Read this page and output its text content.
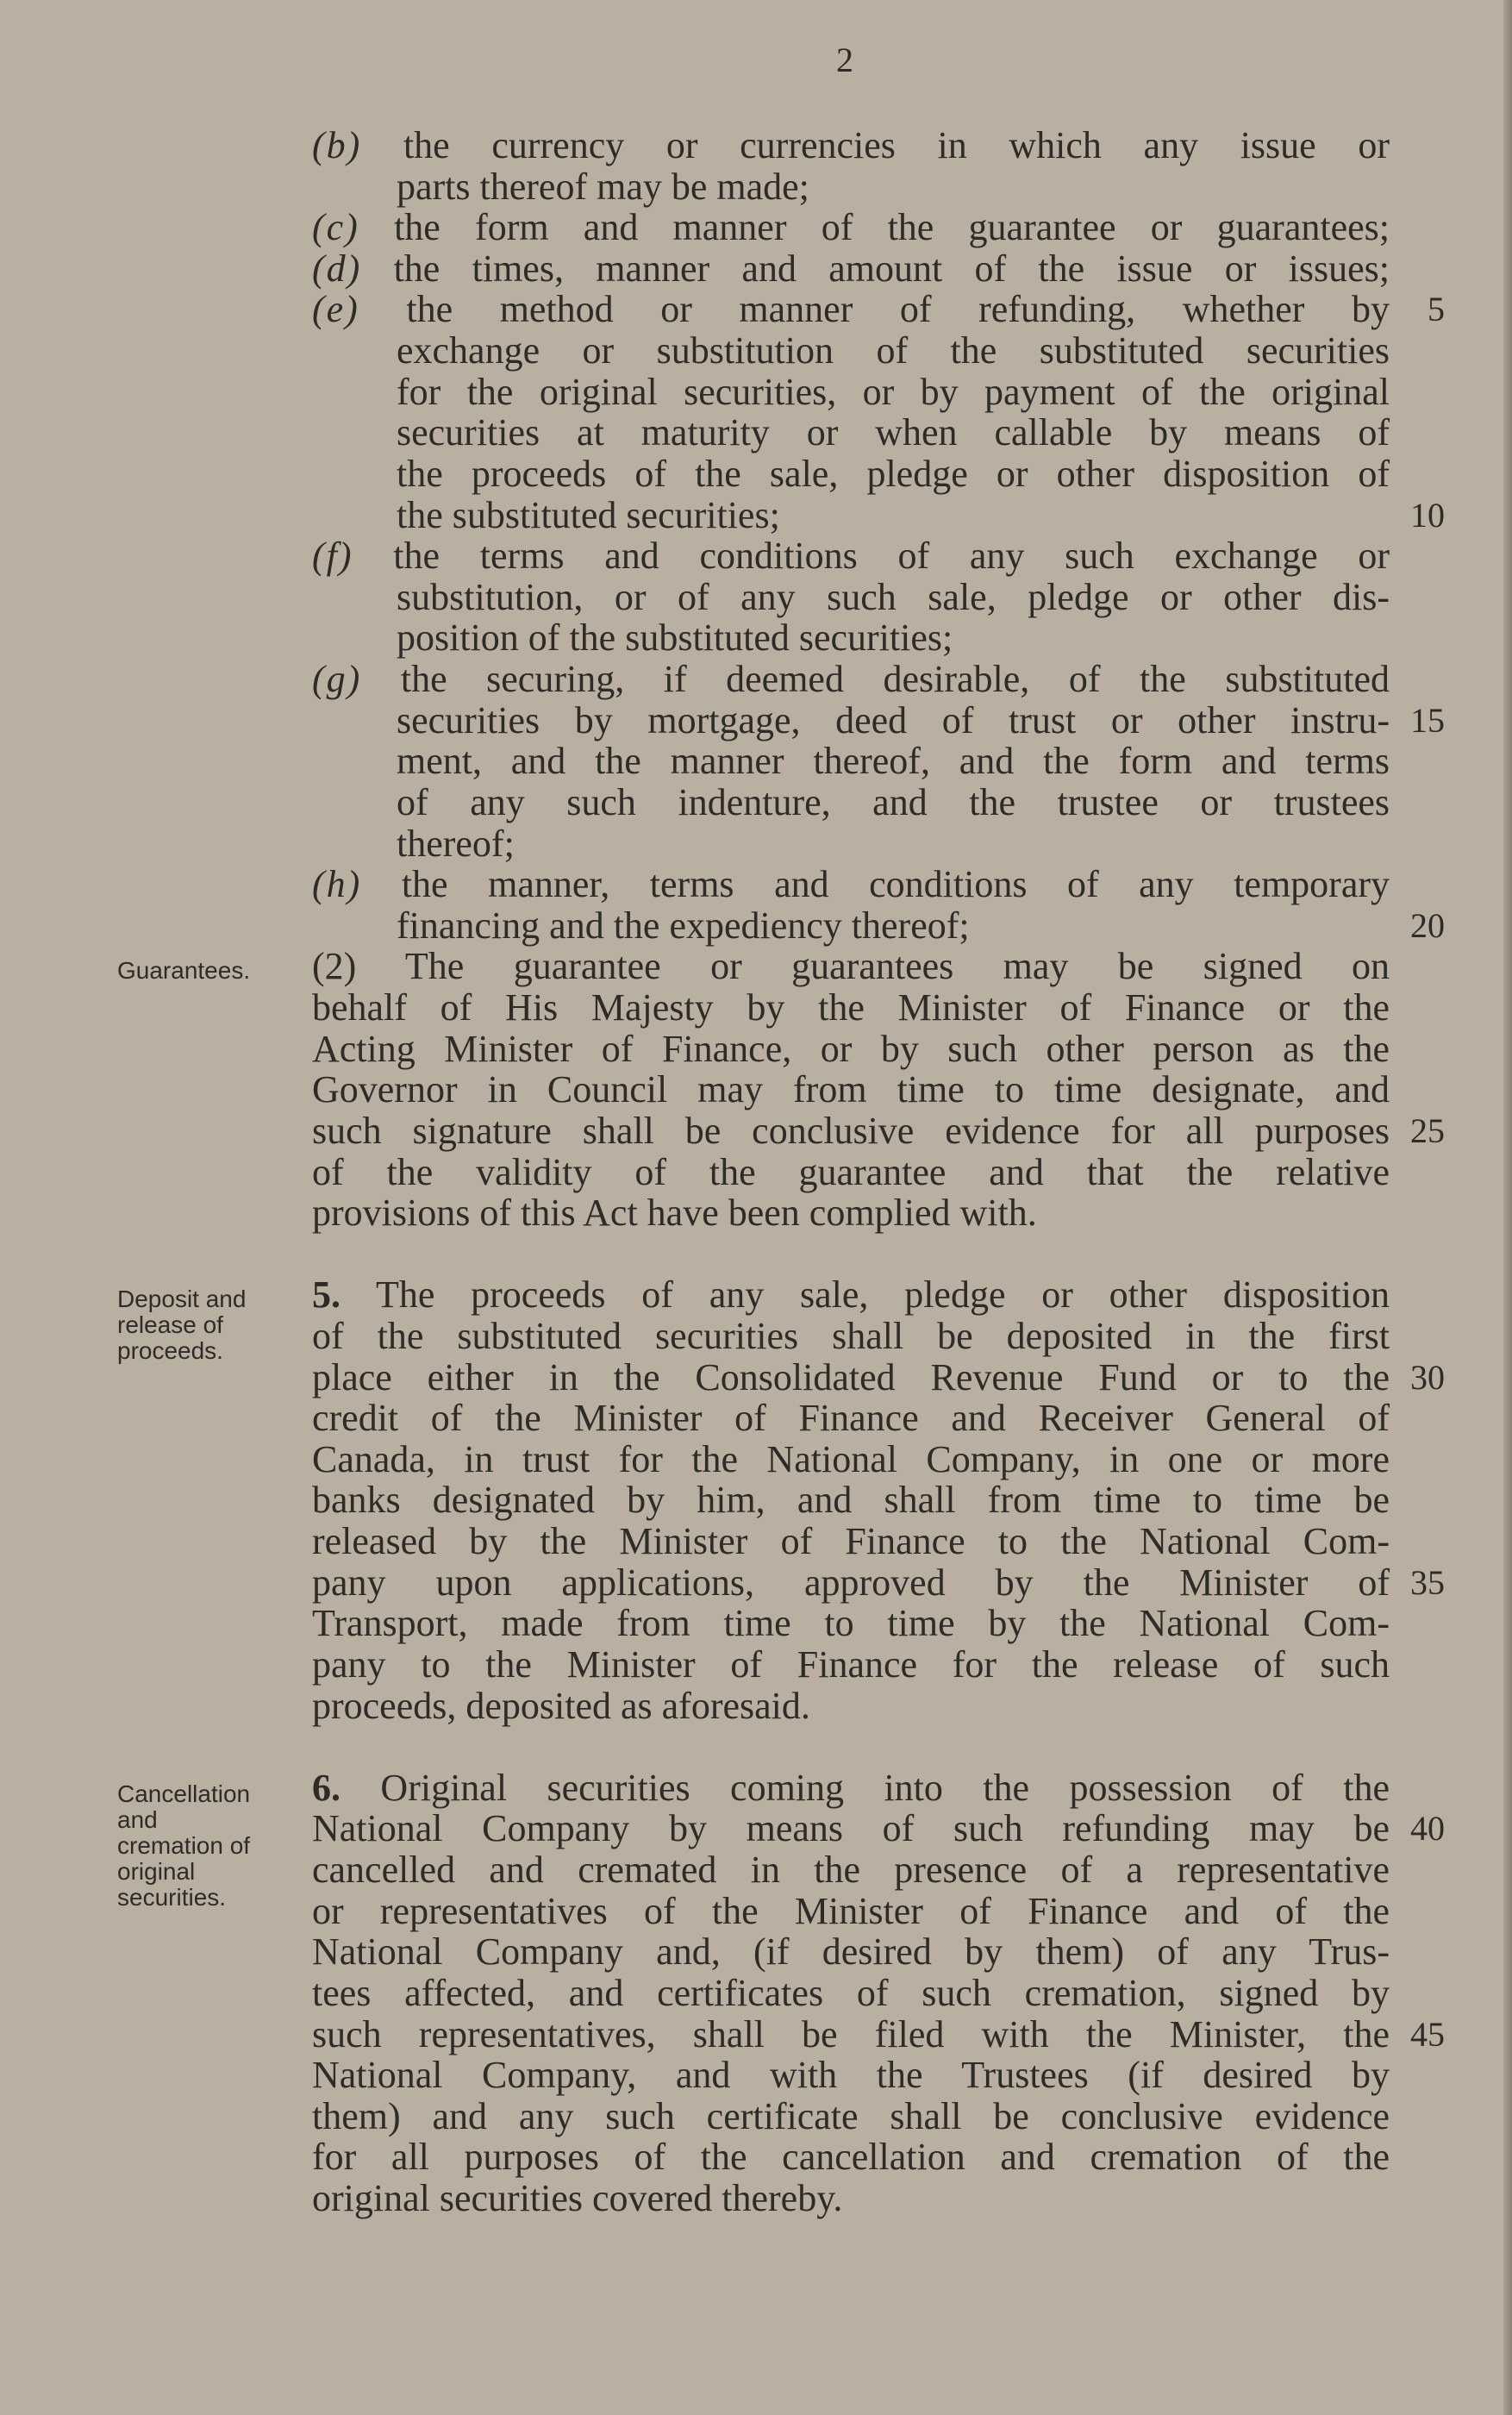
2
(b) the currency or currencies in which any issue or
parts thereof may be made;
(c) the form and manner of the guarantee or guarantees;
(d) the times, manner and amount of the issue or issues;
(e) the method or manner of refunding, whether by
exchange or substitution of the substituted securities
for the original securities, or by payment of the original
securities at maturity or when callable by means of
the proceeds of the sale, pledge or other disposition of
the substituted securities;
(f) the terms and conditions of any such exchange or
substitution, or of any such sale, pledge or other dis-
position of the substituted securities;
(g) the securing, if deemed desirable, of the substituted
securities by mortgage, deed of trust or other instru-
ment, and the manner thereof, and the form and terms
of any such indenture, and the trustee or trustees
thereof;
(h) the manner, terms and conditions of any temporary
financing and the expediency thereof;
(2) The guarantee or guarantees may be signed on
behalf of His Majesty by the Minister of Finance or the
Acting Minister of Finance, or by such other person as the
Governor in Council may from time to time designate, and
such signature shall be conclusive evidence for all purposes
of the validity of the guarantee and that the relative
provisions of this Act have been complied with.
5. The proceeds of any sale, pledge or other disposition
of the substituted securities shall be deposited in the first
place either in the Consolidated Revenue Fund or to the
credit of the Minister of Finance and Receiver General of
Canada, in trust for the National Company, in one or more
banks designated by him, and shall from time to time be
released by the Minister of Finance to the National Com-
pany upon applications, approved by the Minister of
Transport, made from time to time by the National Com-
pany to the Minister of Finance for the release of such
proceeds, deposited as aforesaid.
6. Original securities coming into the possession of the
National Company by means of such refunding may be
cancelled and cremated in the presence of a representative
or representatives of the Minister of Finance and of the
National Company and, (if desired by them) of any Trus-
tees affected, and certificates of such cremation, signed by
such representatives, shall be filed with the Minister, the
National Company, and with the Trustees (if desired by
them) and any such certificate shall be conclusive evidence
for all purposes of the cancellation and cremation of the
original securities covered thereby.
5
10
15
20
25
30
35
40
45
Guarantees.
Deposit and release of proceeds.
Cancellation and cremation of original securities.
